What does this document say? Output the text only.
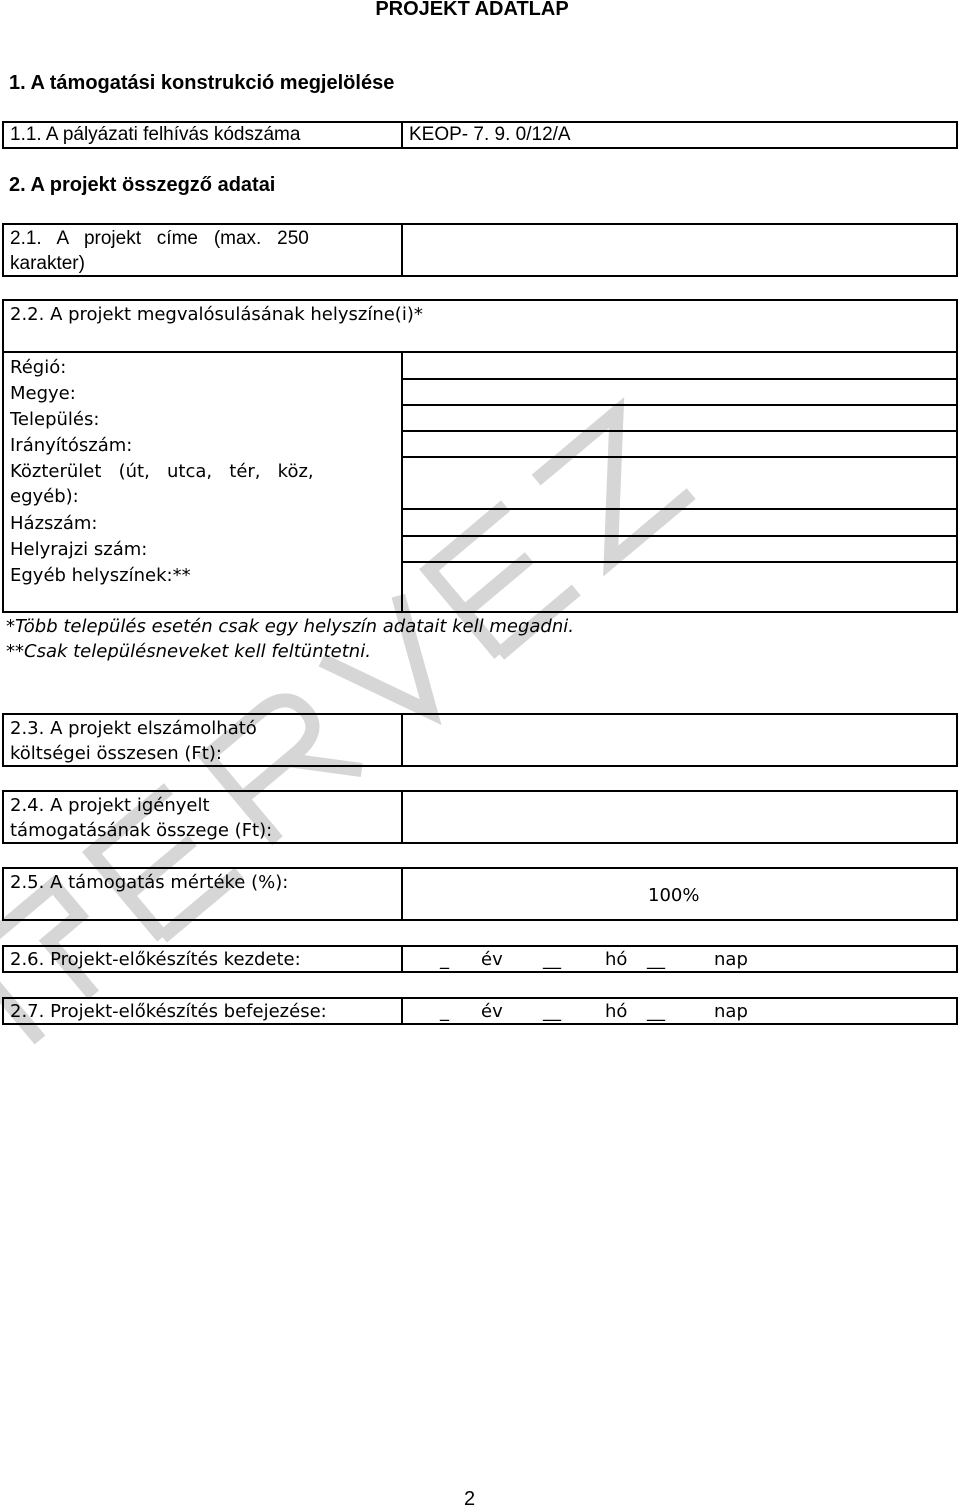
PROJEKT ADATLAP
1. A támogatási konstrukció megjelölése
1.1. A pályázati felhívás kódszáma	KEOP- 7. 9. 0/12/A
2. A projekt összegző adatai
2.1.   A   projekt   címe   (max.   250
karakter)
2.2. A projekt megvalósulásának helyszíne(i)*
Régió:
Megye:
Település:
Irányítószám:
Közterület   (út,   utca,   tér,   köz,
egyéb):
Házszám:
Helyrajzi szám:
Egyéb helyszínek:**
*Több település esetén csak egy helyszín adatait kell megadni.
**Csak településneveket kell feltüntetni.
2.3. A projekt elszámolható
költségei összesen (Ft):
2.4. A projekt igényelt
támogatásának összege (Ft):
2.5. A támogatás mértéke (%):
100%
2.6. Projekt-előkészítés kezdete:	_ év __ hó __	nap
2.7. Projekt-előkészítés befejezése:	_ év __ hó __	nap
2
